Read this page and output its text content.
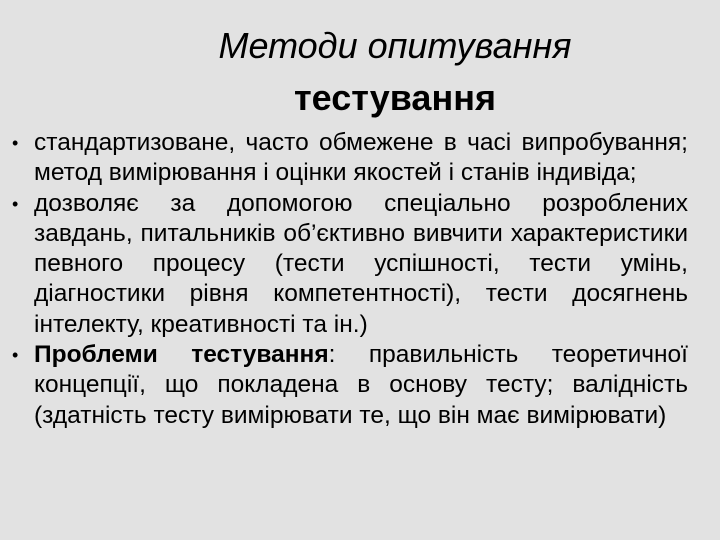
Методи опитування
тестування
• стандартизоване, часто обмежене в часі випробування; метод вимірювання і оцінки якостей і станів індивіда;
• дозволяє за допомогою спеціально розроблених завдань, питальників об’єктивно вивчити характеристики певного процесу (тести успішності, тести умінь, діагностики рівня компетентності), тести досягнень інтелекту, креативності та ін.)
• Проблеми тестування: правильність теоретичної концепції, що покладена в основу тесту; валідність (здатність тесту вимірювати те, що він має вимірювати)
